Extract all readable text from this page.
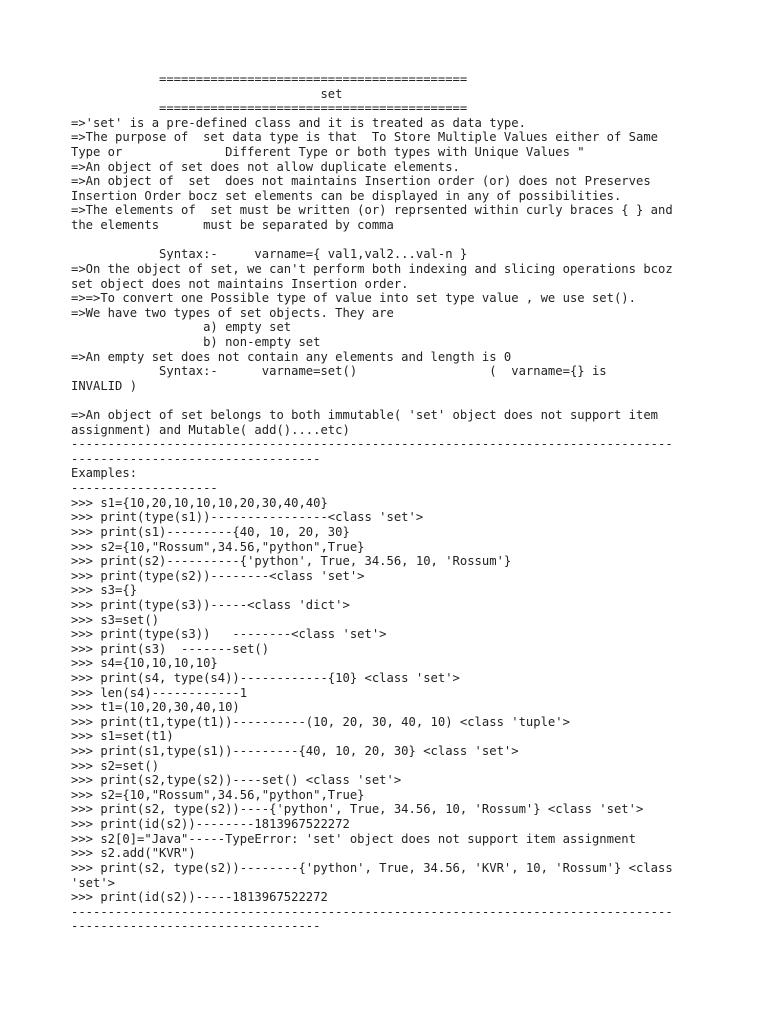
==========================================
set
==========================================
=>'set' is a pre-defined class and it is treated as data type.
=>The purpose of  set data type is that  To Store Multiple Values either of Same
Type or              Different Type or both types with Unique Values "
=>An object of set does not allow duplicate elements.
=>An object of  set  does not maintains Insertion order (or) does not Preserves
Insertion Order bocz set elements can be displayed in any of possibilities.
=>The elements of  set must be written (or) reprsented within curly braces { } and
the elements      must be separated by comma
Syntax:-     varname={ val1,val2...val-n }
=>On the object of set, we can't perform both indexing and slicing operations bcoz
set object does not maintains Insertion order.
=>=>To convert one Possible type of value into set type value , we use set().
=>We have two types of set objects. They are
a) empty set
b) non-empty set
=>An empty set does not contain any elements and length is 0
Syntax:-      varname=set()                  (  varname={} is
INVALID )
=>An object of set belongs to both immutable( 'set' object does not support item
assignment) and Mutable( add()....etc)
----------------------------------------------------------------------------------
----------------------------------
Examples:
--------------------
>>> s1={10,20,10,10,10,20,30,40,40}
>>> print(type(s1))----------------<class 'set'>
>>> print(s1)---------{40, 10, 20, 30}
>>> s2={10,"Rossum",34.56,"python",True}
>>> print(s2)----------{'python', True, 34.56, 10, 'Rossum'}
>>> print(type(s2))--------<class 'set'>
>>> s3={}
>>> print(type(s3))-----<class 'dict'>
>>> s3=set()
>>> print(type(s3))   --------<class 'set'>
>>> print(s3)  -------set()
>>> s4={10,10,10,10}
>>> print(s4, type(s4))------------{10} <class 'set'>
>>> len(s4)------------1
>>> t1=(10,20,30,40,10)
>>> print(t1,type(t1))----------(10, 20, 30, 40, 10) <class 'tuple'>
>>> s1=set(t1)
>>> print(s1,type(s1))---------{40, 10, 20, 30} <class 'set'>
>>> s2=set()
>>> print(s2,type(s2))----set() <class 'set'>
>>> s2={10,"Rossum",34.56,"python",True}
>>> print(s2, type(s2))----{'python', True, 34.56, 10, 'Rossum'} <class 'set'>
>>> print(id(s2))--------1813967522272
>>> s2[0]="Java"-----TypeError: 'set' object does not support item assignment
>>> s2.add("KVR")
>>> print(s2, type(s2))--------{'python', True, 34.56, 'KVR', 10, 'Rossum'} <class
'set'>
>>> print(id(s2))-----1813967522272
----------------------------------------------------------------------------------
----------------------------------
